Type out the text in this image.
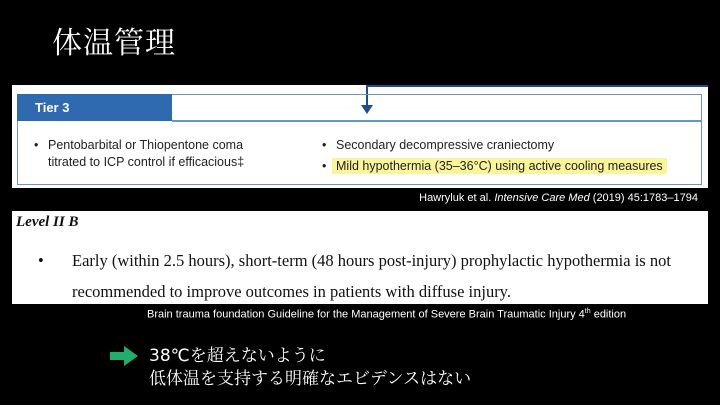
体温管理
Tier 3
• Pentobarbital or Thiopentone coma
titrated to ICP control if efficacious‡
• Secondary decompressive craniectomy
• Mild hypothermia (35–36°C) using active cooling measures
Hawryluk et al. Intensive Care Med (2019) 45:1783–1794
Level II B
•	Early (within 2.5 hours), short-term (48 hours post-injury) prophylactic hypothermia is not recommended to improve outcomes in patients with diffuse injury.
Brain trauma foundation Guideline for the Management of Severe Brain Traumatic Injury 4th edition
38℃を超えないように
低体温を支持する明確なエビデンスはない
